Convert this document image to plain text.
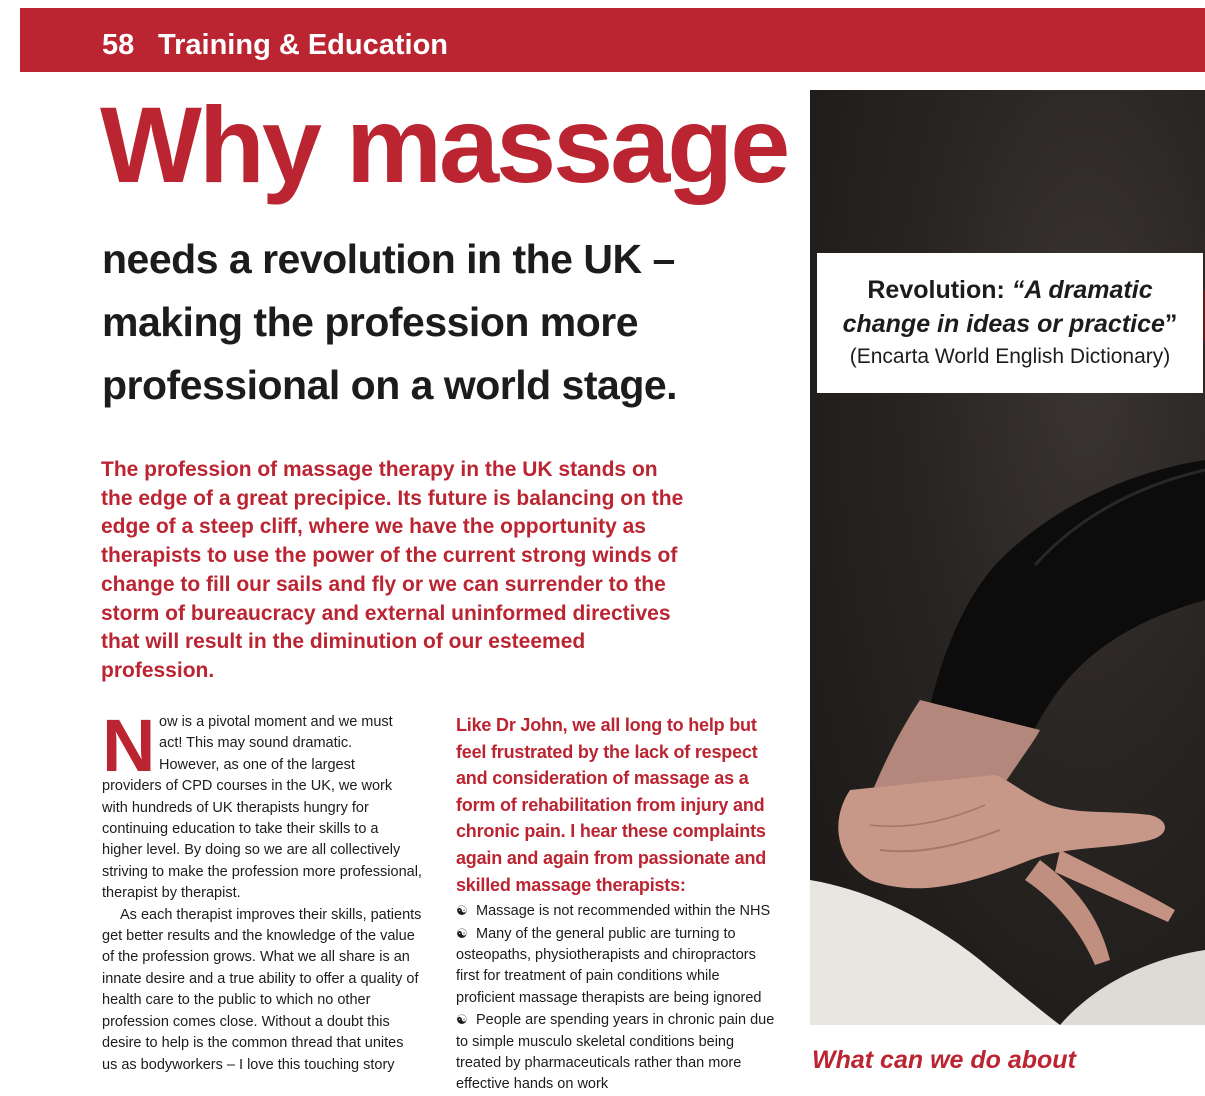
58 Training & Education
Why massage
needs a revolution in the UK –
making the profession more
professional on a world stage.

The profession of massage therapy in the UK stands on
the edge of a great precipice. Its future is balancing on the
edge of a steep cliff, where we have the opportunity as
therapists to use the power of the current strong winds of
change to fill our sails and fly or we can surrender to the
storm of bureaucracy and external uninformed directives
that will result in the diminution of our esteemed
profession.

N ow is a pivotal moment and we must
act! This may sound dramatic.
However, as one of the largest
providers of CPD courses in the UK, we work
with hundreds of UK therapists hungry for
continuing education to take their skills to a
higher level. By doing so we are all collectively
striving to make the profession more professional,
therapist by therapist.
As each therapist improves their skills, patients
get better results and the knowledge of the value
of the profession grows. What we all share is an
innate desire and a true ability to offer a quality of
health care to the public to which no other
profession comes close. Without a doubt this
desire to help is the common thread that unites
us as bodyworkers – I love this touching story
Like Dr John, we all long to help but
feel frustrated by the lack of respect
and consideration of massage as a
form of rehabilitation from injury and
chronic pain. I hear these complaints
again and again from passionate and
skilled massage therapists:
☯ Massage is not recommended within the NHS
☯ Many of the general public are turning to
osteopaths, physiotherapists and chiropractors
first for treatment of pain conditions while
proficient massage therapists are being ignored
☯ People are spending years in chronic pain due
to simple musculo skeletal conditions being
treated by pharmaceuticals rather than more
effective hands on work
Revolution: “A dramatic
change in ideas or practice”
(Encarta World English Dictionary)
What can we do about
